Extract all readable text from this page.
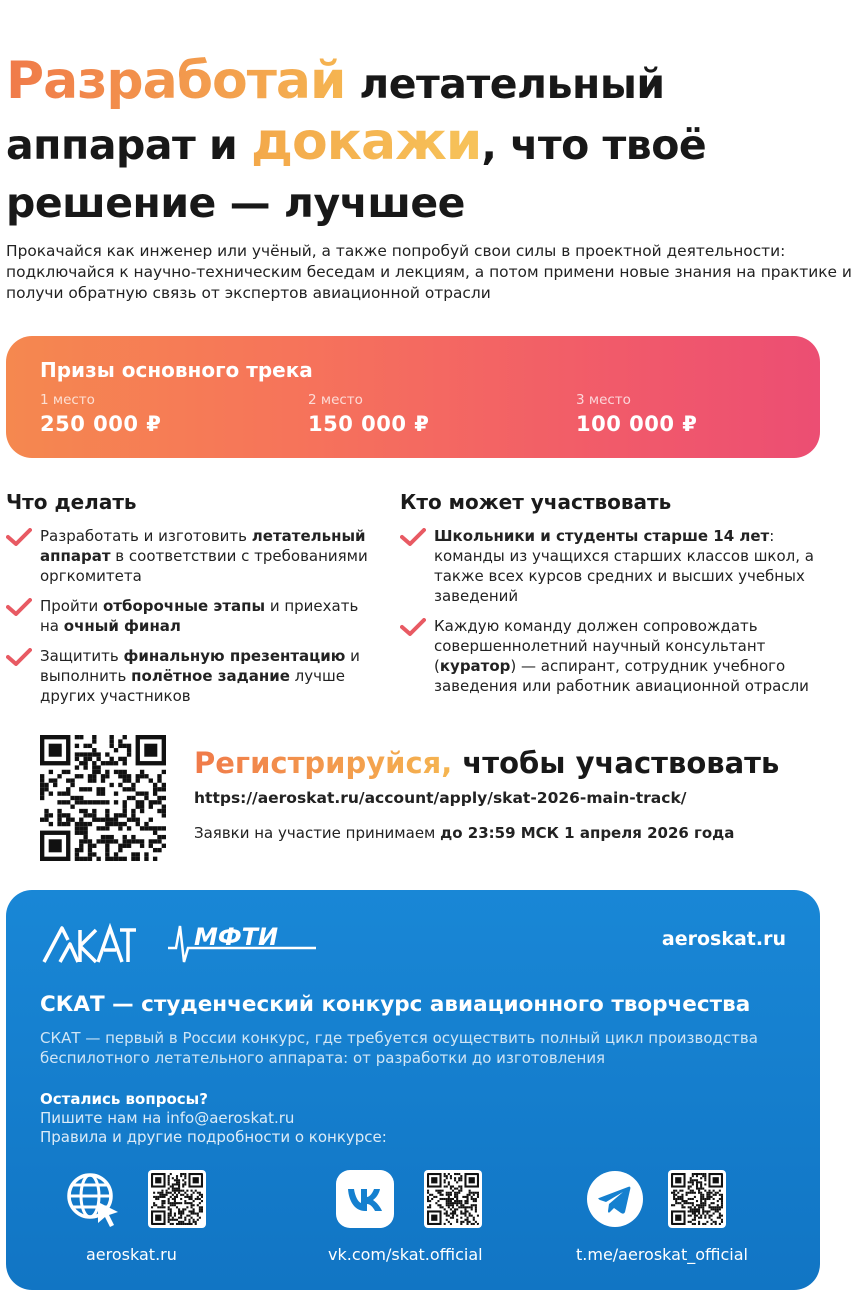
Разработай летательный
аппарат и докажи, что твоё
решение — лучшее

Прокачайся как инженер или учёный, а также попробуй свои силы в проектной деятельности: подключайся к научно-техническим беседам и лекциям, а потом примени новые знания на практике и получи обратную связь от экспертов авиационной отрасли

Призы основного трека
1 место
250 000 ₽
2 место
150 000 ₽
3 место
100 000 ₽
Что делать
Разработать и изготовить летательный аппарат в соответствии с требованиями оргкомитета
Пройти отборочные этапы и приехать на очный финал
Защитить финальную презентацию и выполнить полётное задание лучше других участников
Кто может участвовать
Школьники и студенты старше 14 лет: команды из учащихся старших классов школ, а также всех курсов средних и высших учебных заведений
Каждую команду должен сопровождать совершеннолетний научный консультант (куратор) — аспирант, сотрудник учебного заведения или работник авиационной отрасли
Регистрируйся, чтобы участвовать
https://aeroskat.ru/account/apply/skat-2026-main-track/
Заявки на участие принимаем до 23:59 МСК 1 апреля 2026 года
МФТИ	aeroskat.ru
СКАТ — студенческий конкурс авиационного творчества
СКАТ — первый в России конкурс, где требуется осуществить полный цикл производства беспилотного летательного аппарата: от разработки до изготовления
Остались вопросы?
Пишите нам на info@aeroskat.ru
Правила и другие подробности о конкурсе:
aeroskat.ru	vk.com/skat.official	t.me/aeroskat_official
